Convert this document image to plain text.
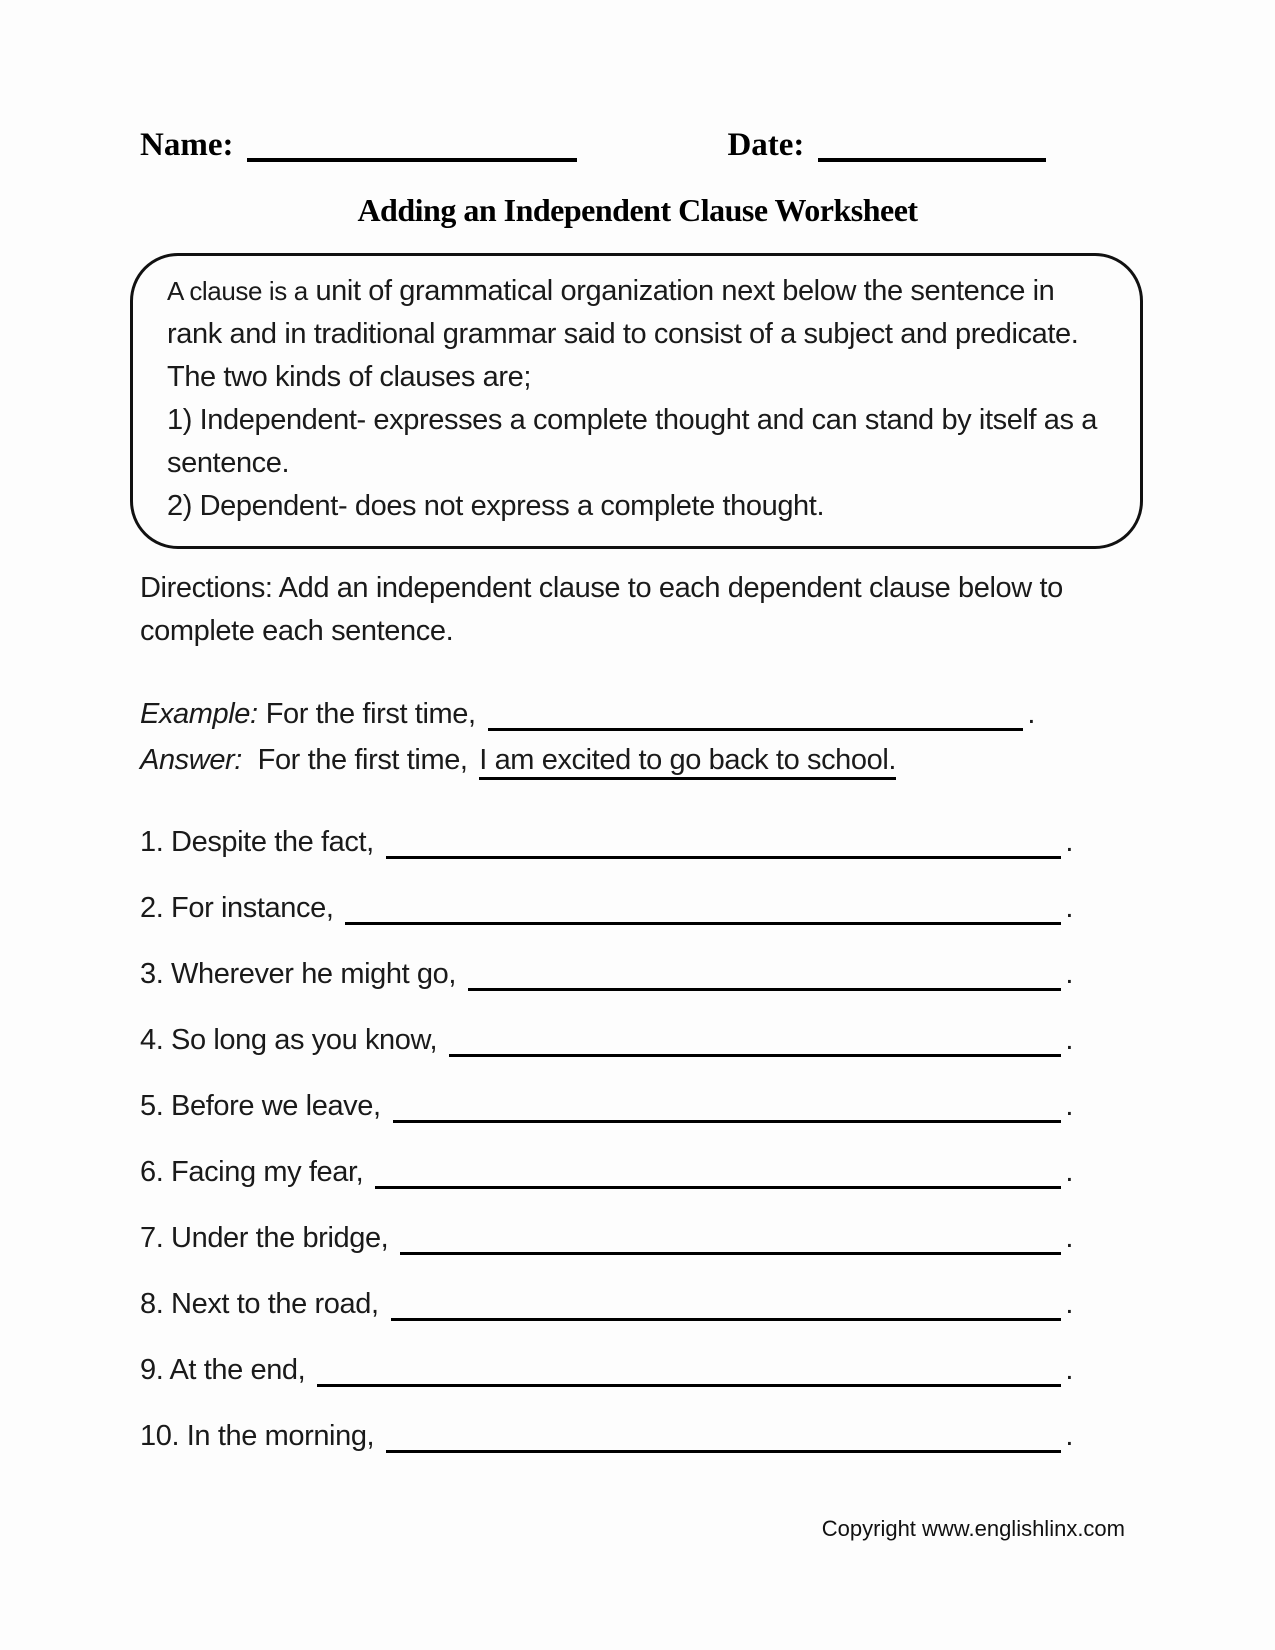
Name:	Date:
Adding an Independent Clause Worksheet

A clause is a unit of grammatical organization next below the sentence in rank and in traditional grammar said to consist of a subject and predicate. The two kinds of clauses are;

1) Independent- expresses a complete thought and can stand by itself as a sentence.

2) Dependent- does not express a complete thought.

Directions: Add an independent clause to each dependent clause below to complete each sentence.
Example: For the first time,	.
Answer: For the first time, I am excited to go back to school.
1. Despite the fact,	.
2. For instance,	.
3. Wherever he might go,	.
4. So long as you know,	.
5. Before we leave,	.
6. Facing my fear,	.
7. Under the bridge,	.
8. Next to the road,	.
9. At the end,	.
10. In the morning,	.
Copyright www.englishlinx.com
